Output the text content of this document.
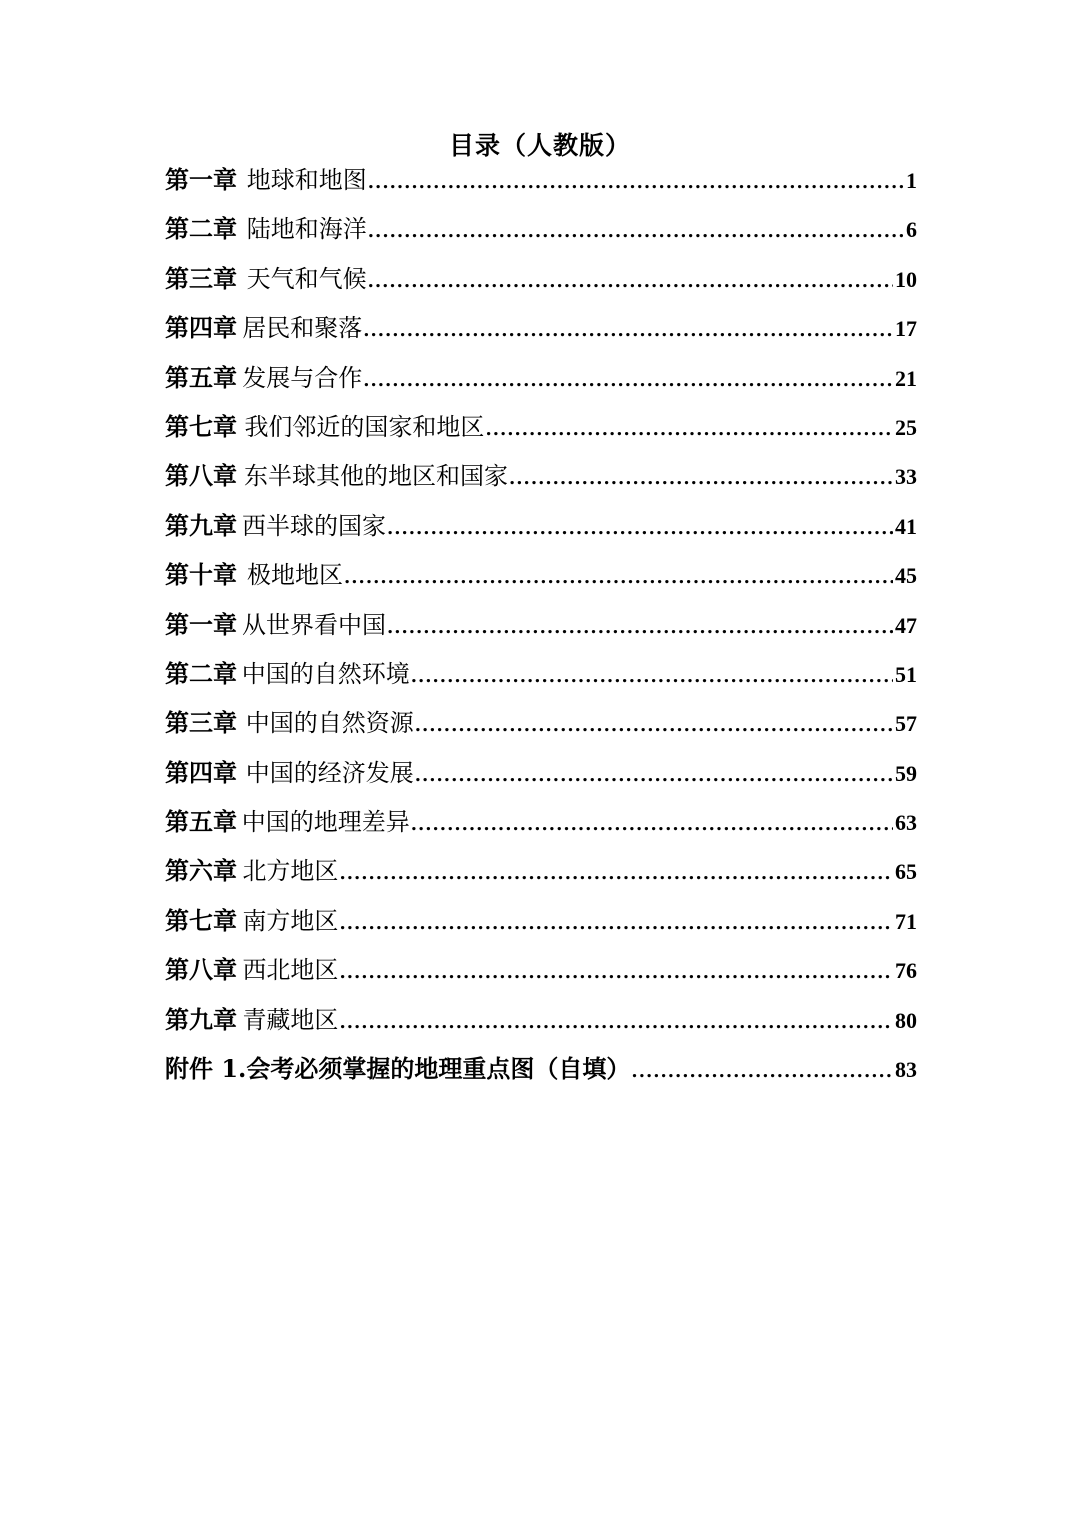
目录（人教版）
第一章 地球和地图 .....	1
第二章 陆地和海洋 .....	6
第三章 天气和气候 .....	10
第四章 居民和聚落 .....	17
第五章 发展与合作 .....	21
第七章 我们邻近的国家和地区 .....	25
第八章 东半球其他的地区和国家 .....	33
第九章 西半球的国家 .....	41
第十章 极地地区 .....	45
第一章 从世界看中国 .....	47
第二章 中国的自然环境 .....	51
第三章 中国的自然资源 .....	57
第四章 中国的经济发展 .....	59
第五章 中国的地理差异 .....	63
第六章 北方地区 .....	65
第七章 南方地区 .....	71
第八章 西北地区 .....	76
第九章 青藏地区 .....	80
附件 1.会考必须掌握的地理重点图（自填） .....	83
